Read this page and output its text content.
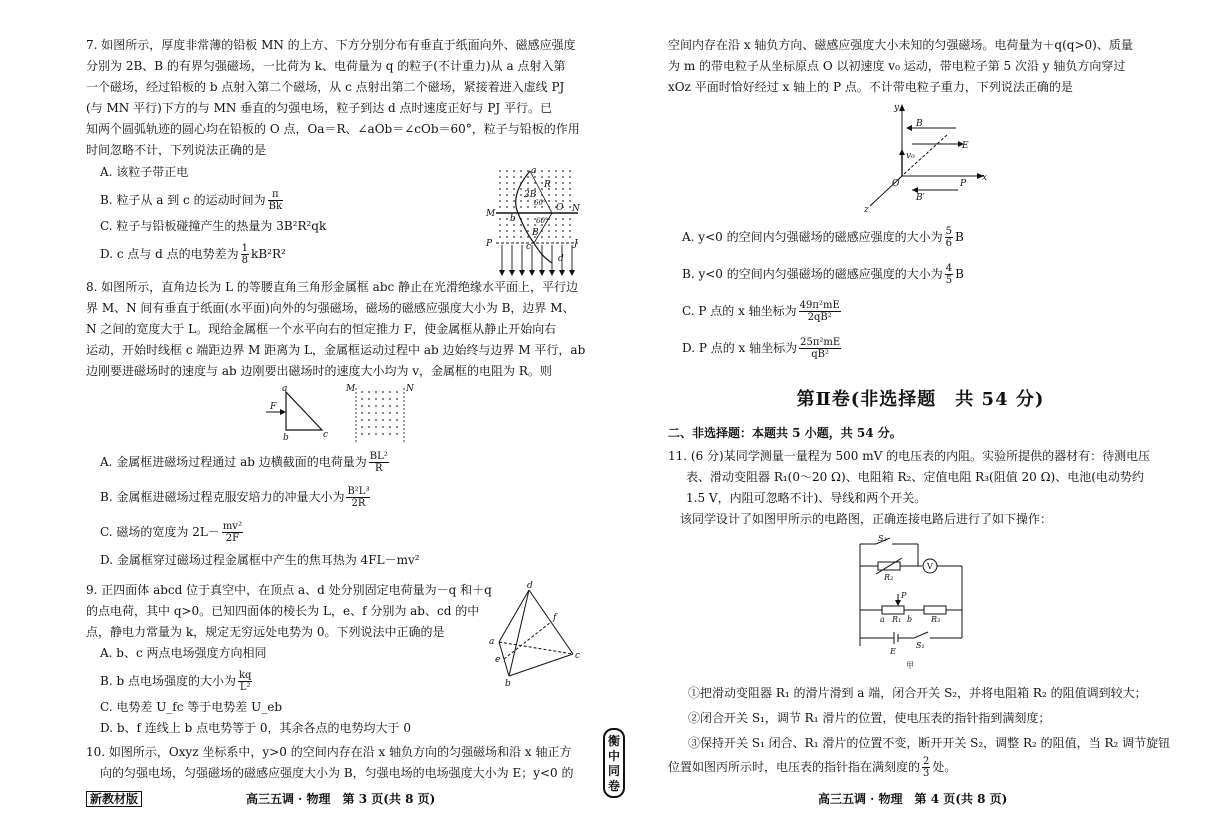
7. 如图所示，厚度非常薄的铅板 MN 的上方、下方分别分布有垂直于纸面向外、磁感应强度

分别为 2B、B 的有界匀强磁场，一比荷为 k、电荷量为 q 的粒子(不计重力)从 a 点射入第

一个磁场，经过铅板的 b 点射入第二个磁场，从 c 点射出第二个磁场，紧接着进入虚线 PJ

(与 MN 平行)下方的与 MN 垂直的匀强电场，粒子到达 d 点时速度正好与 PJ 平行。已

知两个圆弧轨迹的圆心均在铅板的 O 点，Oa＝R、∠aOb＝∠cOb＝60°，粒子与铅板的作用

时间忽略不计，下列说法正确的是

A. 该粒子带正电

B. 粒子从 a 到 c 的运动时间为 $\frac{\pi}{Bk}$

C. 粒子与铅板碰撞产生的热量为 3B²R²qk

D. c 点与 d 点的电势差为 $\frac{1}{8} kB^2R^2$

a
M	N
b
c
O
P	J
d
2B
B
R
60°
60°

8. 如图所示，直角边长为 L 的等腰直角三角形金属框 abc 静止在光滑绝缘水平面上，平行边

界 M、N 间有垂直于纸面(水平面)向外的匀强磁场，磁场的磁感应强度大小为 B，边界 M、

N 之间的宽度大于 L。现给金属框一个水平向右的恒定推力 F，使金属框从静止开始向右

运动，开始时线框 c 端距边界 M 距离为 L，金属框运动过程中 ab 边始终与边界 M 平行，ab

边刚要进磁场时的速度与 ab 边刚要出磁场时的速度大小均为 v，金属框的电阻为 R。则

a
b	c
F
M	N

A. 金属框进磁场过程通过 ab 边横截面的电荷量为 $\frac{\text{BL²}}{R}$

B. 金属框进磁场过程克服安培力的冲量大小为 $\frac{\text{B²L³}}{2R}$

C. 磁场的宽度为 $2L- \frac{\text{mv²}}{2F}$

D. 金属框穿过磁场过程金属框中产生的焦耳热为 4FL－mv²

9. 正四面体 abcd 位于真空中，在顶点 a、d 处分别固定电荷量为－q 和＋q

的点电荷，其中 q>0。已知四面体的棱长为 L，e、f 分别为 ab、cd 的中

点，静电力常量为 k，规定无穷远处电势为 0。下列说法中正确的是

A. b、c 两点电场强度方向相同

B. b 点电场强度的大小为 $\frac{kq}{\text{L²}}$

C. 电势差 U_fc 等于电势差 U_eb

D. b、f 连线上 b 点电势等于 0，其余各点的电势均大于 0

d
a
b
c
e
f

10. 如图所示，Oxyz 坐标系中，y>0 的空间内存在沿 x 轴负方向的匀强磁场和沿 x 轴正方

向的匀强电场，匀强磁场的磁感应强度大小为 B，匀强电场的电场强度大小为 E；y<0 的

新教材版	高三五调 · 物理　第 3 页(共 8 页)
衡中同卷

空间内存在沿 x 轴负方向、磁感应强度大小未知的匀强磁场。电荷量为＋q(q>0)、质量

为 m 的带电粒子从坐标原点 O 以初速度 v₀ 运动，带电粒子第 5 次沿 y 轴负方向穿过

xOz 平面时恰好经过 x 轴上的 P 点。不计带电粒子重力，下列说法正确的是

y
B
E
v₀
O	P
x
B′
z

A. y<0 的空间内匀强磁场的磁感应强度的大小为 $\frac{5}{6}$ B

B. y<0 的空间内匀强磁场的磁感应强度的大小为 $\frac{4}{5}$ B

C. P 点的 x 轴坐标为 $\frac{\text{49π²mE}}{\text{2qB²}}$

D. P 点的 x 轴坐标为 $\frac{\text{25π²mE}}{\text{qB²}}$

第Ⅱ卷(非选择题　共 54 分)
二、非选择题：本题共 5 小题，共 54 分。

11. (6 分)某同学测量一量程为 500 mV 的电压表的内阻。实验所提供的器材有：待测电压

表、滑动变阻器 R₁(0～20 Ω)、电阻箱 R₂、定值电阻 R₃(阻值 20 Ω)、电池(电动势约

1.5 V，内阻可忽略不计)、导线和两个开关。

　该同学设计了如图甲所示的电路图，正确连接电路后进行了如下操作：

S₂
R₂
V
P
a R₁ b R₃
E
S₁
甲

①把滑动变阻器 R₁ 的滑片滑到 a 端，闭合开关 S₂，并将电阻箱 R₂ 的阻值调到较大；

②闭合开关 S₁，调节 R₁ 滑片的位置，使电压表的指针指到满刻度；

③保持开关 S₁ 闭合、R₁ 滑片的位置不变，断开开关 S₂，调整 R₂ 的阻值，当 R₂ 调节旋钮

位置如图丙所示时，电压表的指针指在满刻度的 $\frac{2}{3}$ 处。

高三五调 · 物理　第 4 页(共 8 页)
